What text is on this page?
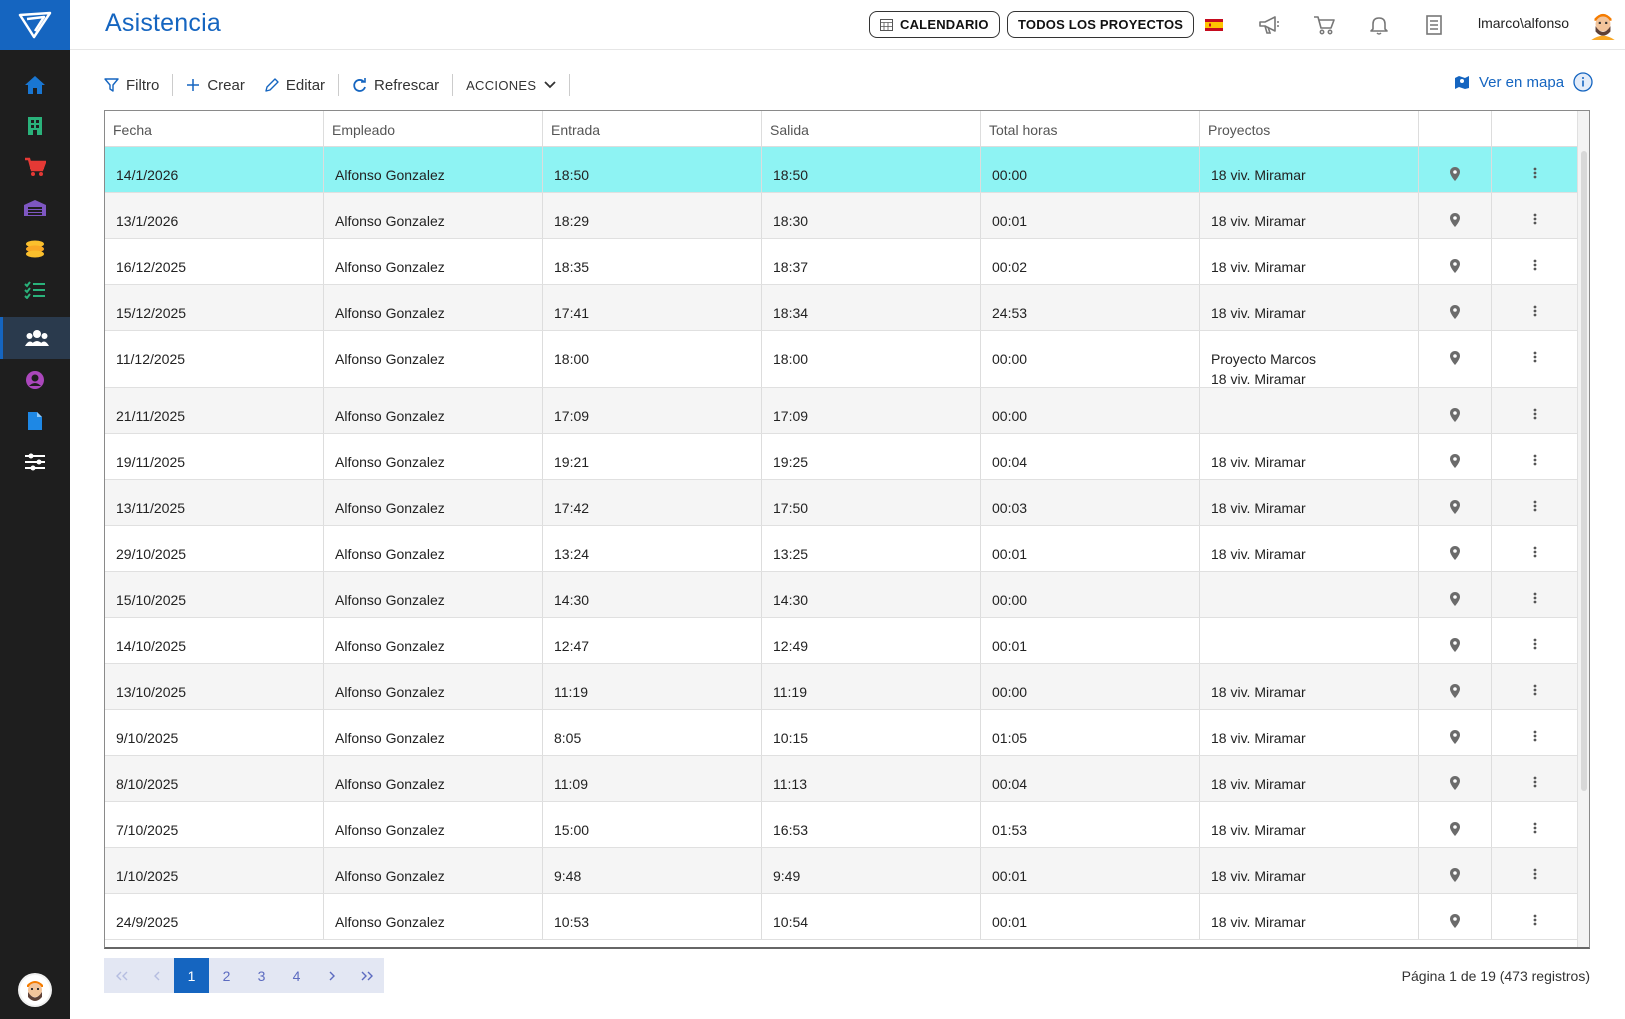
Asistencia	CALENDARIO TODOS LOS PROYECTOS	lmarco\alfonso
Filtro	Crear	Editar	Refrescar ACCIONES	Ver en mapa
Fecha	Empleado	Entrada	Salida	Total horas	Proyectos
14/1/2026	Alfonso Gonzalez	18:50	18:50	00:00	18 viv. Miramar
13/1/2026	Alfonso Gonzalez	18:29	18:30	00:01	18 viv. Miramar
16/12/2025	Alfonso Gonzalez	18:35	18:37	00:02	18 viv. Miramar
15/12/2025	Alfonso Gonzalez	17:41	18:34	24:53	18 viv. Miramar
11/12/2025	Alfonso Gonzalez	18:00	18:00	00:00	Proyecto Marcos
18 viv. Miramar
21/11/2025	Alfonso Gonzalez	17:09	17:09	00:00
19/11/2025	Alfonso Gonzalez	19:21	19:25	00:04	18 viv. Miramar
13/11/2025	Alfonso Gonzalez	17:42	17:50	00:03	18 viv. Miramar
29/10/2025	Alfonso Gonzalez	13:24	13:25	00:01	18 viv. Miramar
15/10/2025	Alfonso Gonzalez	14:30	14:30	00:00
14/10/2025	Alfonso Gonzalez	12:47	12:49	00:01
13/10/2025	Alfonso Gonzalez	11:19	11:19	00:00	18 viv. Miramar
9/10/2025	Alfonso Gonzalez	8:05	10:15	01:05	18 viv. Miramar
8/10/2025	Alfonso Gonzalez	11:09	11:13	00:04	18 viv. Miramar
7/10/2025	Alfonso Gonzalez	15:00	16:53	01:53	18 viv. Miramar
1/10/2025	Alfonso Gonzalez	9:48	9:49	00:01	18 viv. Miramar
24/9/2025	Alfonso Gonzalez	10:53	10:54	00:01	18 viv. Miramar
1	2	3	4	Página 1 de 19 (473 registros)
